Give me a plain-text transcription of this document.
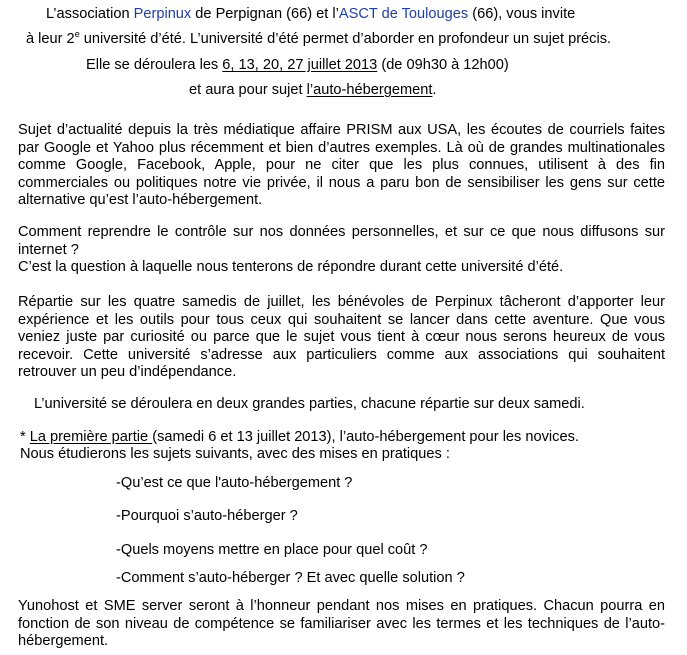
L’association Perpinux de Perpignan (66) et l’ASCT de Toulouges (66), vous invite
à leur 2e université d’été. L’université d’été permet d’aborder en profondeur un sujet précis.
Elle se déroulera les 6, 13, 20, 27 juillet 2013 (de 09h30 à 12h00)
et aura pour sujet l’auto-hébergement.

Sujet d’actualité depuis la très médiatique affaire PRISM aux USA, les écoutes de courriels faites par Google et Yahoo plus récemment et bien d’autres exemples. Là où de grandes multinationales comme Google, Facebook, Apple, pour ne citer que les plus connues, utilisent à des fin commerciales ou politiques notre vie privée, il nous a paru bon de sensibiliser les gens sur cette alternative qu’est l’auto-hébergement.

Comment reprendre le contrôle sur nos données personnelles, et sur ce que nous diffusons sur internet ?

C’est la question à laquelle nous tenterons de répondre durant cette université d’été.

Répartie sur les quatre samedis de juillet, les bénévoles de Perpinux tâcheront d’apporter leur expérience et les outils pour tous ceux qui souhaitent se lancer dans cette aventure. Que vous veniez juste par curiosité ou parce que le sujet vous tient à cœur nous serons heureux de vous recevoir. Cette université s’adresse aux particuliers comme aux associations qui souhaitent retrouver un peu d’indépendance.

L’université se déroulera en deux grandes parties, chacune répartie sur deux samedi.
* La première partie (samedi 6 et 13 juillet 2013), l’auto-hébergement pour les novices.
Nous étudierons les sujets suivants, avec des mises en pratiques :
-Qu’est ce que l'auto-hébergement ?
-Pourquoi s’auto-héberger ?
-Quels moyens mettre en place pour quel coût ?
-Comment s’auto-héberger ? Et avec quelle solution ?

Yunohost et SME server seront à l’honneur pendant nos mises en pratiques. Chacun pourra en fonction de son niveau de compétence se familiariser avec les termes et les techniques de l’auto-hébergement.
